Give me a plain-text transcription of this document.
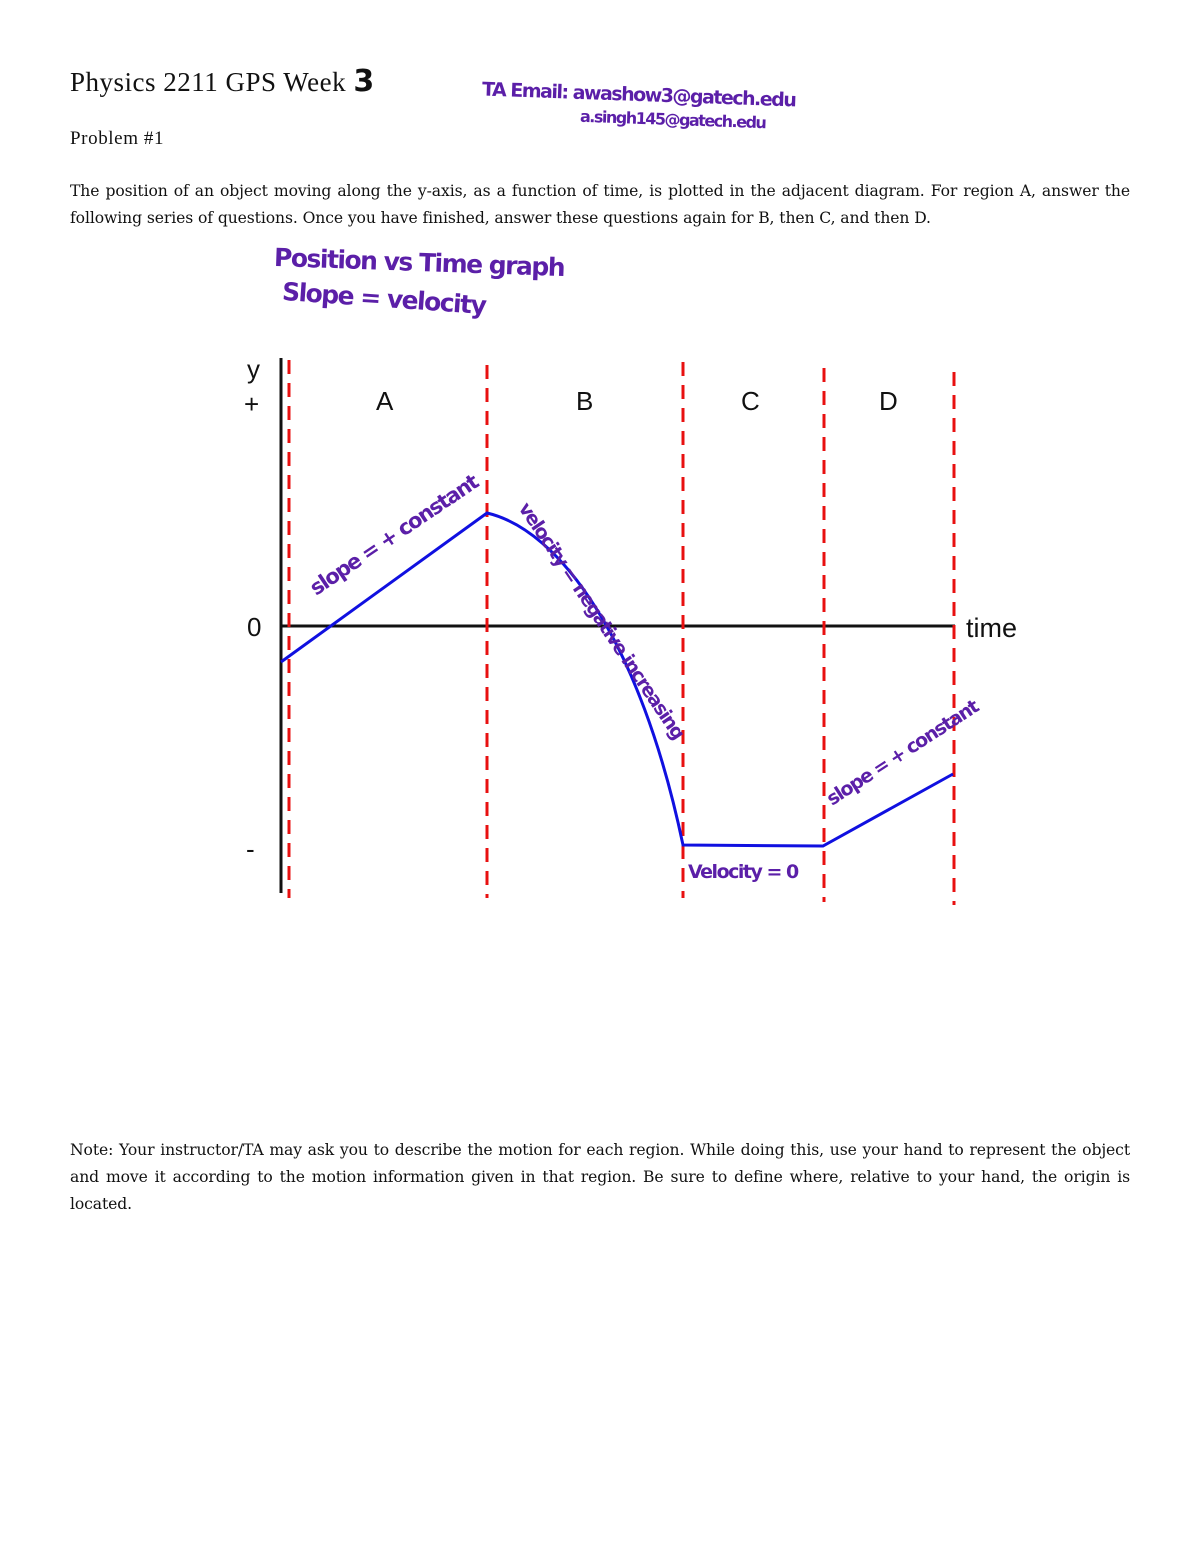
Physics 2211 GPS Week 3
Problem #1
TA Email: awashow3@gatech.edu
a.singh145@gatech.edu
The position of an object moving along the y-axis, as a function of time, is plotted in the adjacent diagram. For region A, answer the following series of questions. Once you have finished, answer these questions again for B, then C, and then D.
Position vs Time graph
Slope = velocity
y
+
0
-
time
A	B	C	D
slope = + constant velocity = negative increasing
Velocity = 0
slope = + constant
Note: Your instructor/TA may ask you to describe the motion for each region. While doing this, use your hand to represent the object and move it according to the motion information given in that region. Be sure to define where, relative to your hand, the origin is located.
